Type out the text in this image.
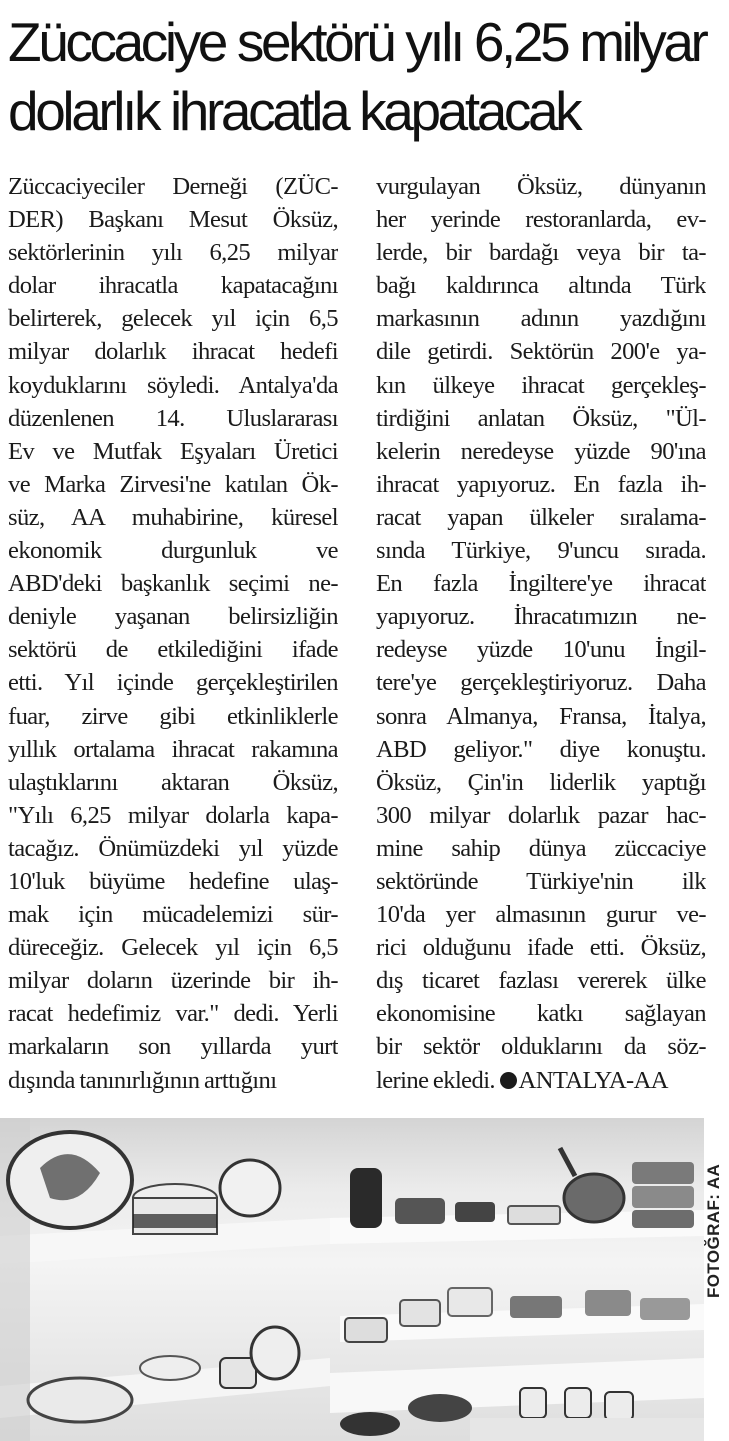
Züccaciye sektörü yılı 6,25 milyar
dolarlık ihracatla kapatacak
Züccaciyeciler Derneği (ZÜC-
DER) Başkanı Mesut Öksüz,
sektörlerinin yılı 6,25 milyar
dolar ihracatla kapatacağını
belirterek, gelecek yıl için 6,5
milyar dolarlık ihracat hedefi
koyduklarını söyledi. Antalya'da
düzenlenen 14. Uluslararası
Ev ve Mutfak Eşyaları Üretici
ve Marka Zirvesi'ne katılan Ök-
süz, AA muhabirine, küresel
ekonomik durgunluk ve
ABD'deki başkanlık seçimi ne-
deniyle yaşanan belirsizliğin
sektörü de etkilediğini ifade
etti. Yıl içinde gerçekleştirilen
fuar, zirve gibi etkinliklerle
yıllık ortalama ihracat rakamına
ulaştıklarını aktaran Öksüz,
"Yılı 6,25 milyar dolarla kapa-
tacağız. Önümüzdeki yıl yüzde
10'luk büyüme hedefine ulaş-
mak için mücadelemizi sür-
düreceğiz. Gelecek yıl için 6,5
milyar doların üzerinde bir ih-
racat hedefimiz var." dedi. Yerli
markaların son yıllarda yurt
dışında tanınırlığının arttığını
vurgulayan Öksüz, dünyanın
her yerinde restoranlarda, ev-
lerde, bir bardağı veya bir ta-
bağı kaldırınca altında Türk
markasının adının yazdığını
dile getirdi. Sektörün 200'e ya-
kın ülkeye ihracat gerçekleş-
tirdiğini anlatan Öksüz, "Ül-
kelerin neredeyse yüzde 90'ına
ihracat yapıyoruz. En fazla ih-
racat yapan ülkeler sıralama-
sında Türkiye, 9'uncu sırada.
En fazla İngiltere'ye ihracat
yapıyoruz. İhracatımızın ne-
redeyse yüzde 10'unu İngil-
tere'ye gerçekleştiriyoruz. Daha
sonra Almanya, Fransa, İtalya,
ABD geliyor." diye konuştu.
Öksüz, Çin'in liderlik yaptığı
300 milyar dolarlık pazar hac-
mine sahip dünya züccaciye
sektöründe Türkiye'nin ilk
10'da yer almasının gurur ve-
rici olduğunu ifade etti. Öksüz,
dış ticaret fazlası vererek ülke
ekonomisine katkı sağlayan
bir sektör olduklarını da söz-
lerine ekledi. ANTALYA-AA
FOTOĞRAF: AA
